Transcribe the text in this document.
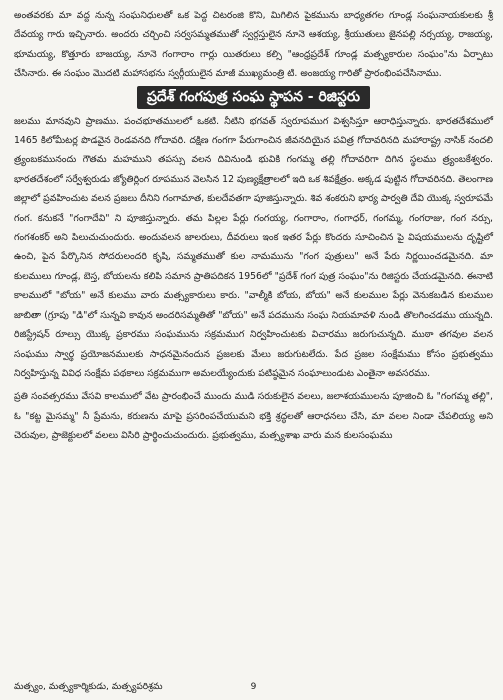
అంతవరకు మా వద్ద నున్న సంఘనిధులతో ఒక పెద్ద చిటరంజి కొని, మిగిలిన పైకమును బాధ్యతగల గూండ్ల సంఘనాయకులకు శ్రీ దేవయ్య గారు ఇచ్చినారు. అందరు చర్చించి సర్వసమ్మతముతో స్వర్గస్తులైన నూనె ఆశయ్య, శ్రీయుతులు జైనపల్లి నర్సయ్య, రాజయ్య, భూమయ్య, కొత్తూరు బాజయ్య, నూనె గంగారాం గార్లు యితరులు కల్సి "ఆంధ్రప్రదేశ్ గూండ్ల మత్స్యకారుల సంఘం"ను ఏర్పాటు చేసినారు. ఈ సంఘం మొదటి మహాసభను స్వర్గీయులైన మాజీ ముఖ్యమంత్రి టి. అంజయ్య గారితో ప్రారంభింపచేసినాము.

ప్రదేశ్ గంగపుత్ర సంఘ స్థాపన - రిజిస్టరు

జలము మానవుని ప్రాణము. పంచభూతములలో ఒకటి. నీటిని భగవత్ స్వరూపముగ విశ్వసిస్తూ ఆరాధిస్తున్నారు. భారతదేశములో 1465 కిలోమీటర్ల పొడవైన రెండవనది గోదావరి. దక్షిణ గంగగా పేరుగాంచిన జీవనదియైన పవిత్ర గోదావరినది మహారాష్ట్ర నాసిక్ నందలి త్ర్యంబకమునందు గౌతమ మహముని తపస్సు వలన దివినుండి భువికి గంగమ్మ తల్లి గోదావరిగా దిగిన స్థలము త్ర్యంబకేశ్వరం. భారతదేశంలో సర్వేశ్వరుడు జ్యోతిర్లింగ రూపమున వెలసిన 12 పుణ్యక్షేత్రాలలో ఇది ఒక శివక్షేత్రం. అక్కడ పుట్టిన గోదావరినది. తెలంగాణ జిల్లాలో ప్రవహించుట వలన ప్రజలు దీనిని గంగామాత, కులదేవతగా పూజిస్తున్నారు. శివ శంకరుని భార్య పార్వతి దేవి యొక్క స్వరూపమే గంగ. కనుకనే "గంగాదేవి" ని పూజిస్తున్నారు. తమ పిల్లల పేర్లు గంగయ్య, గంగారాం, గంగాధర్, గంగమ్మ, గంగరాజు, గంగ నర్సు, గంగశంకర్ అని పిలుచుచుందురు. అందువలన జాలరులు, దీవరులు ఇంక ఇతర పేర్లు కొందరు సూచించిన పై విషయములను దృష్టిలో ఉంచి, పైన పేర్కొనిన సోదరులందరి కృషి, సమ్మతముతో కుల నామమును "గంగ పుత్రులు" అనే పేరు నిర్ణయించడమైనది. మా కులములు గూండ్ల, బెస్త, బోయలను కలిపి సమాన ప్రాతిపదికన 1956లో "ప్రదేశ్ గంగ పుత్ర సంఘం"ను రిజిస్టరు చేయడమైనది. ఈనాటి కాలములో "బోయ" అనే కులము వారు మత్స్యకారులు కారు. "వాల్మీకి బోయ, బోయ" అనే కులముల పేర్లు వెనుకబడిన కులముల జాబితా (గ్రూపు "డి"లో సున్నవి కావున అందరిసమ్మతితో "బోయ" అనే పదమును సంఘ నియమావళి నుండి తొలగించడము యున్నది. రిజిస్ట్రేషన్ రూల్సు యొక్క ప్రకారము సంఘమును సక్రమముగ నిర్వహించుటకు విచారము జరుగుచున్నది. ముఠా తగవుల వలన సంఘము స్వార్థ ప్రయోజనములకు సాధనమైనందున ప్రజలకు మేలు జరుగుటలేదు. పేద ప్రజల సంక్షేమము కోసం ప్రభుత్వము నిర్వహిస్తున్న వివిధ సంక్షేమ పథకాలు సక్రమముగా అమలయ్యేందుకు పటిష్ఠమైన సంఘాలుండుట ఎంతైనా అవసరము.

ప్రతి సంవత్సరము వేసవి కాలములో వేట ప్రారంభించే ముందు ముడి సరుకులైన వలలు, జలాశయములను పూజించి ఓ "గంగమ్మ తల్లి", ఓ "కట్ట మైసమ్మ" నీ ప్రేమను, కరుణను మాపై ప్రసరింపచేయుమని భక్తి శ్రద్ధలతో ఆరాధనలు చేసి, మా వలల నిండా చేపలియ్య అని చెరువుల, ప్రాజెక్టులలో వలలు విసిరి ప్రార్థించుచుందురు. ప్రభుత్వము, మత్స్యశాఖ వారు మన కులసంఘము

మత్స్యం, మత్స్యకార్మికుడు, మత్స్యపరిశ్రమ	9
